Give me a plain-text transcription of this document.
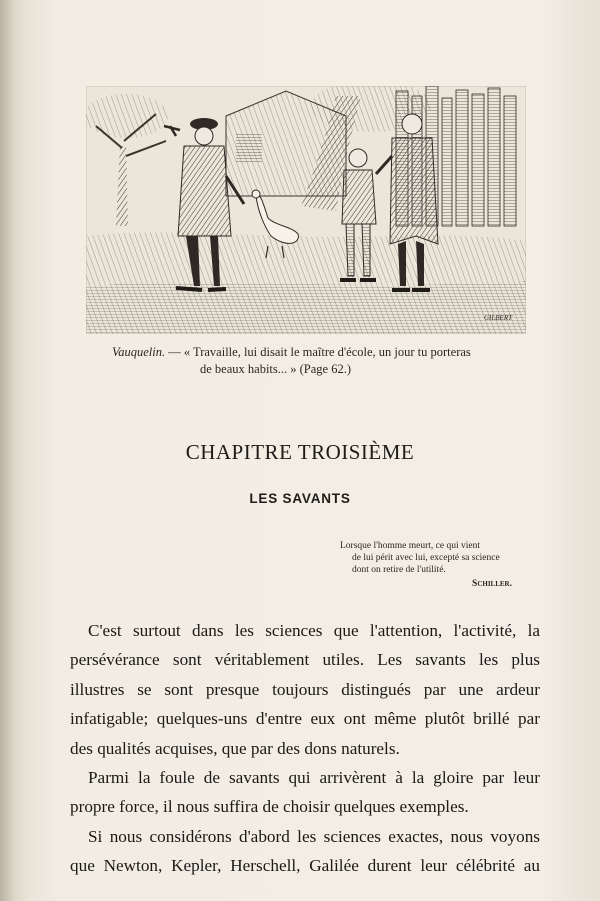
GILBERT
Vauquelin. — « Travaille, lui disait le maître d'école, un jour tu porteras
de beaux habits... » (Page 62.)
CHAPITRE TROISIÈME
LES SAVANTS
Lorsque l'homme meurt, ce qui vient
de lui périt avec lui, excepté sa science
dont on retire de l'utilité.
Schiller.

C'est surtout dans les sciences que l'attention, l'activité, la
persévérance sont véritablement utiles. Les savants les plus
illustres se sont presque toujours distingués par une ardeur
infatigable; quelques-uns d'entre eux ont même plutôt brillé par
des qualités acquises, que par des dons naturels.

Parmi la foule de savants qui arrivèrent à la gloire par leur
propre force, il nous suffira de choisir quelques exemples.

Si nous considérons d'abord les sciences exactes, nous voyons
que Newton, Kepler, Herschell, Galilée durent leur célébrité au
